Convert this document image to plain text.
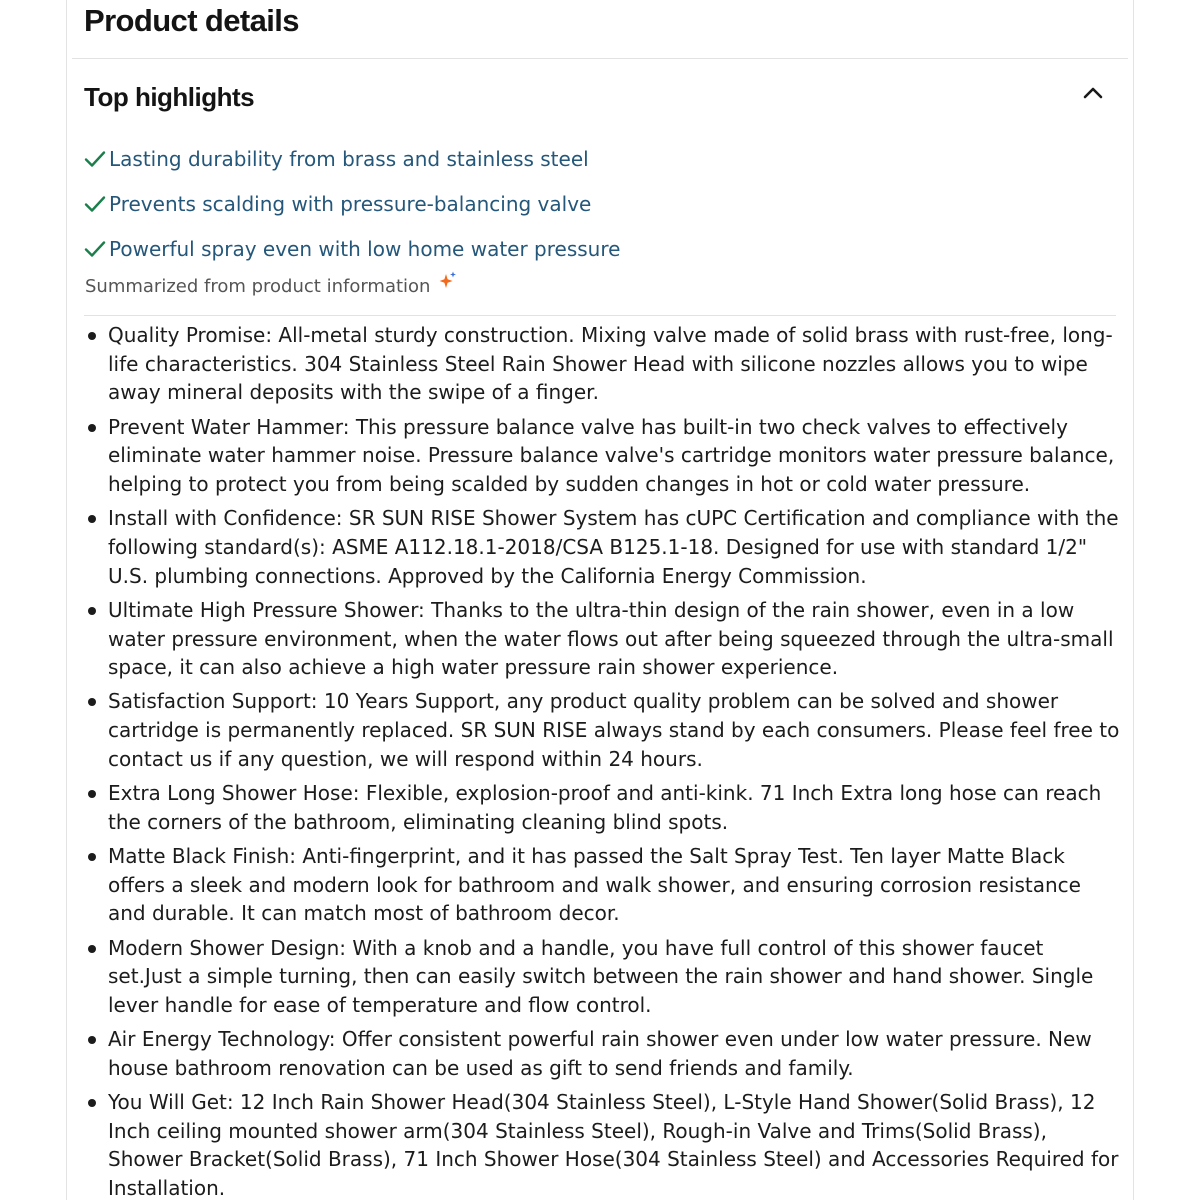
Product details
Top highlights
Lasting durability from brass and stainless steel
Prevents scalding with pressure-balancing valve
Powerful spray even with low home water pressure
Summarized from product information
Quality Promise: All-metal sturdy construction. Mixing valve made of solid brass with rust-free, long-life characteristics. 304 Stainless Steel Rain Shower Head with silicone nozzles allows you to wipe away mineral deposits with the swipe of a finger.
Prevent Water Hammer: This pressure balance valve has built-in two check valves to effectively eliminate water hammer noise. Pressure balance valve's cartridge monitors water pressure balance, helping to protect you from being scalded by sudden changes in hot or cold water pressure.
Install with Confidence: SR SUN RISE Shower System has cUPC Certification and compliance with the following standard(s): ASME A112.18.1-2018/CSA B125.1-18. Designed for use with standard 1/2" U.S. plumbing connections. Approved by the California Energy Commission.
Ultimate High Pressure Shower: Thanks to the ultra-thin design of the rain shower, even in a low water pressure environment, when the water flows out after being squeezed through the ultra-small space, it can also achieve a high water pressure rain shower experience.
Satisfaction Support: 10 Years Support, any product quality problem can be solved and shower cartridge is permanently replaced. SR SUN RISE always stand by each consumers. Please feel free to contact us if any question, we will respond within 24 hours.
Extra Long Shower Hose: Flexible, explosion-proof and anti-kink. 71 Inch Extra long hose can reach the corners of the bathroom, eliminating cleaning blind spots.
Matte Black Finish: Anti-fingerprint, and it has passed the Salt Spray Test. Ten layer Matte Black offers a sleek and modern look for bathroom and walk shower, and ensuring corrosion resistance and durable. It can match most of bathroom decor.
Modern Shower Design: With a knob and a handle, you have full control of this shower faucet set.Just a simple turning, then can easily switch between the rain shower and hand shower. Single lever handle for ease of temperature and flow control.
Air Energy Technology: Offer consistent powerful rain shower even under low water pressure. New house bathroom renovation can be used as gift to send friends and family.
You Will Get: 12 Inch Rain Shower Head(304 Stainless Steel), L-Style Hand Shower(Solid Brass), 12 Inch ceiling mounted shower arm(304 Stainless Steel), Rough-in Valve and Trims(Solid Brass), Shower Bracket(Solid Brass), 71 Inch Shower Hose(304 Stainless Steel) and Accessories Required for Installation.
